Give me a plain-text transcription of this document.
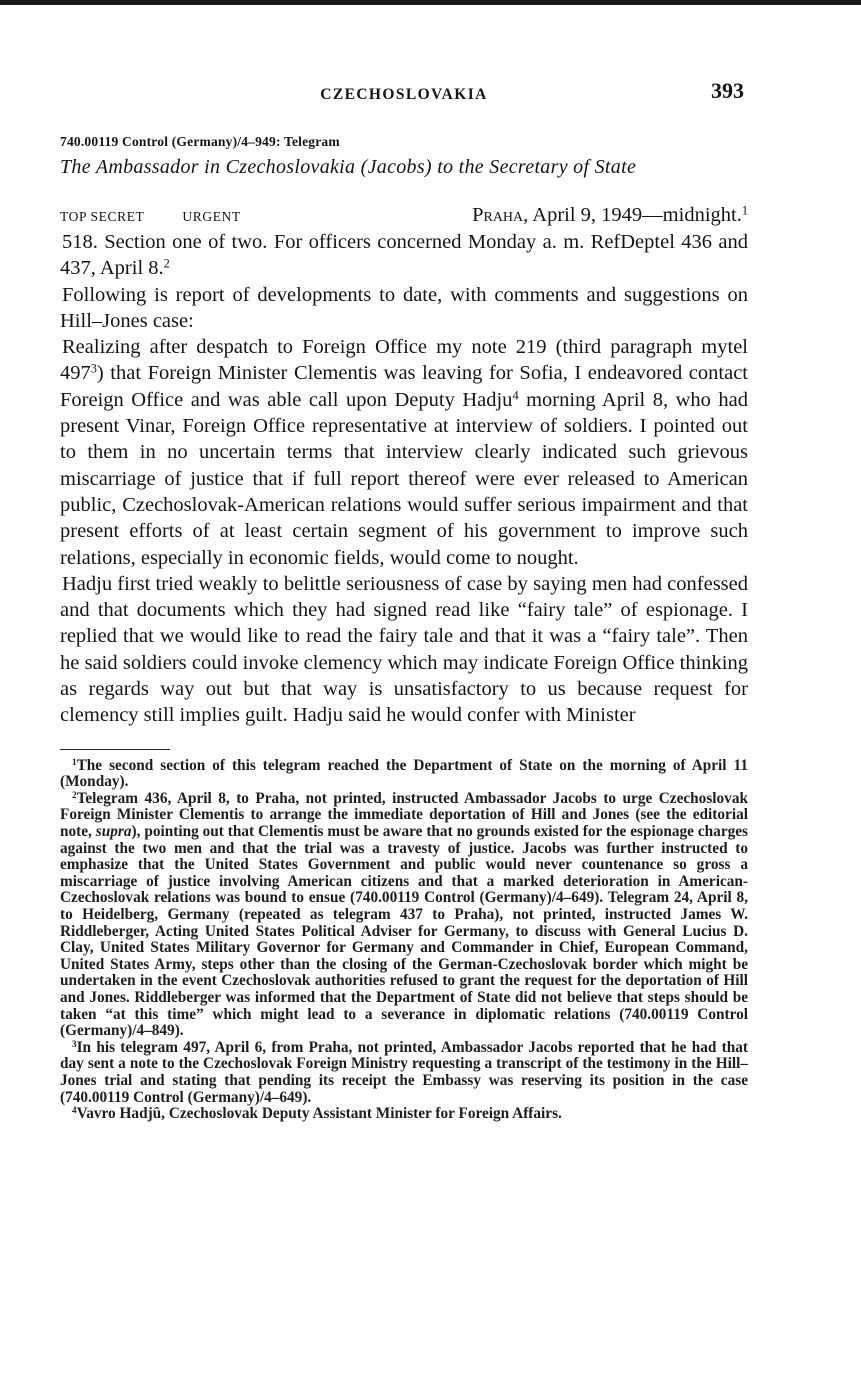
CZECHOSLOVAKIA	393
740.00119 Control (Germany)/4–949: Telegram
The Ambassador in Czechoslovakia (Jacobs) to the Secretary of State
TOP SECRET	URGENT	Praha, April 9, 1949—midnight.$^1$

518. Section one of two. For officers concerned Monday a. m. RefDeptel 436 and 437, April 8.$^2$

Following is report of developments to date, with comments and suggestions on Hill–Jones case:

Realizing after despatch to Foreign Office my note 219 (third paragraph mytel $497^3$) that Foreign Minister Clementis was leaving for Sofia, I endeavored contact Foreign Office and was able call upon Deputy Hadju$^4$ morning April 8, who had present Vinar, Foreign Office representative at interview of soldiers. I pointed out to them in no uncertain terms that interview clearly indicated such grievous miscarriage of justice that if full report thereof were ever released to American public, Czechoslovak-American relations would suffer serious impairment and that present efforts of at least certain segment of his government to improve such relations, especially in economic fields, would come to nought.

Hadju first tried weakly to belittle seriousness of case by saying men had confessed and that documents which they had signed read like “fairy tale” of espionage. I replied that we would like to read the fairy tale and that it was a “fairy tale”. Then he said soldiers could invoke clemency which may indicate Foreign Office thinking as regards way out but that way is unsatisfactory to us because request for clemency still implies guilt. Hadju said he would confer with Minister

$^1$The second section of this telegram reached the Department of State on the morning of April 11 (Monday).

$^2$Telegram 436, April 8, to Praha, not printed, instructed Ambassador Jacobs to urge Czechoslovak Foreign Minister Clementis to arrange the immediate deportation of Hill and Jones (see the editorial note, supra), pointing out that Clementis must be aware that no grounds existed for the espionage charges against the two men and that the trial was a travesty of justice. Jacobs was further instructed to emphasize that the United States Government and public would never countenance so gross a miscarriage of justice involving American citizens and that a marked deterioration in American-Czechoslovak relations was bound to ensue (740.00119 Control (Germany)/4–649). Telegram 24, April 8, to Heidelberg, Germany (repeated as telegram 437 to Praha), not printed, instructed James W. Riddleberger, Acting United States Political Adviser for Germany, to discuss with General Lucius D. Clay, United States Military Governor for Germany and Commander in Chief, European Command, United States Army, steps other than the closing of the German-Czechoslovak border which might be undertaken in the event Czechoslovak authorities refused to grant the request for the deportation of Hill and Jones. Riddleberger was informed that the Department of State did not believe that steps should be taken “at this time” which might lead to a severance in diplomatic relations (740.00119 Control (Germany)/4–849).

$^3$In his telegram 497, April 6, from Praha, not printed, Ambassador Jacobs reported that he had that day sent a note to the Czechoslovak Foreign Ministry requesting a transcript of the testimony in the Hill–Jones trial and stating that pending its receipt the Embassy was reserving its position in the case (740.00119 Control (Germany)/4–649).

$^4$Vavro Hadjû, Czechoslovak Deputy Assistant Minister for Foreign Affairs.
